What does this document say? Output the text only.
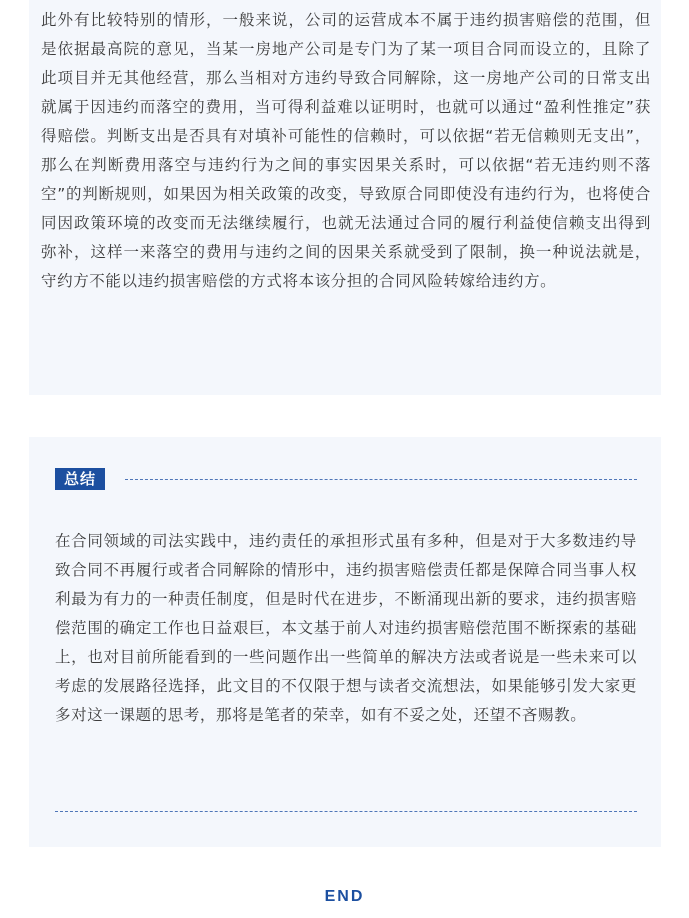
此外有比较特别的情形，一般来说，公司的运营成本不属于违约损害赔偿的范围，但是依据最高院的意见，当某一房地产公司是专门为了某一项目合同而设立的，且除了此项目并无其他经营，那么当相对方违约导致合同解除，这一房地产公司的日常支出就属于因违约而落空的费用，当可得利益难以证明时，也就可以通过“盈利性推定”获得赔偿。判断支出是否具有对填补可能性的信赖时，可以依据“若无信赖则无支出”，那么在判断费用落空与违约行为之间的事实因果关系时，可以依据“若无违约则不落空”的判断规则，如果因为相关政策的改变，导致原合同即使没有违约行为，也将使合同因政策环境的改变而无法继续履行，也就无法通过合同的履行利益使信赖支出得到弥补，这样一来落空的费用与违约之间的因果关系就受到了限制，换一种说法就是，守约方不能以违约损害赔偿的方式将本该分担的合同风险转嫁给违约方。

总结

在合同领域的司法实践中，违约责任的承担形式虽有多种，但是对于大多数违约导致合同不再履行或者合同解除的情形中，违约损害赔偿责任都是保障合同当事人权利最为有力的一种责任制度，但是时代在进步，不断涌现出新的要求，违约损害赔偿范围的确定工作也日益艰巨，本文基于前人对违约损害赔偿范围不断探索的基础上，也对目前所能看到的一些问题作出一些简单的解决方法或者说是一些未来可以考虑的发展路径选择，此文目的不仅限于想与读者交流想法，如果能够引发大家更多对这一课题的思考，那将是笔者的荣幸，如有不妥之处，还望不吝赐教。

END
